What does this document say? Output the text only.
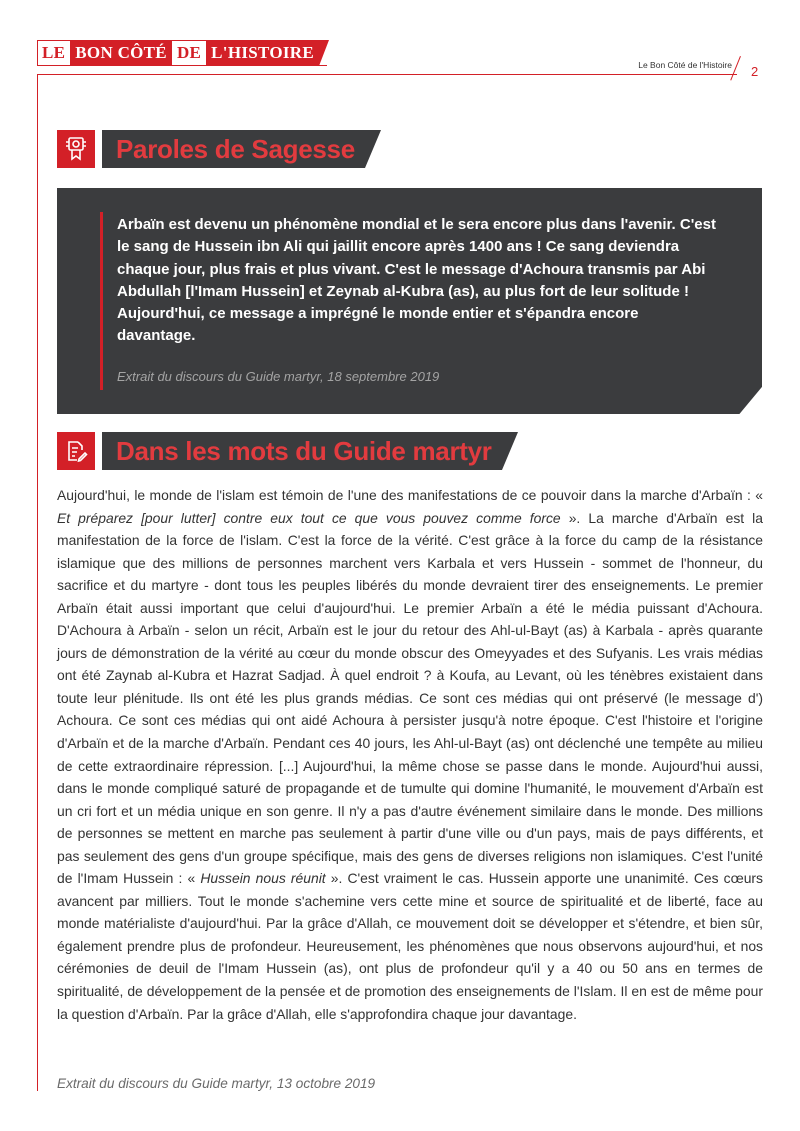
LE BON CÔTÉ DE L'HISTOIRE
Le Bon Côté de l'Histoire 2
Paroles de Sagesse

Arbaïn est devenu un phénomène mondial et le sera encore plus dans l'avenir. C'est le sang de Hussein ibn Ali qui jaillit encore après 1400 ans ! Ce sang deviendra chaque jour, plus frais et plus vivant. C'est le message d'Achoura transmis par Abi Abdullah [l'Imam Hussein] et Zeynab al-Kubra (as), au plus fort de leur solitude ! Aujourd'hui, ce message a imprégné le monde entier et s'épandra encore davantage.

Extrait du discours du Guide martyr, 18 septembre 2019

Dans les mots du Guide martyr

Aujourd'hui, le monde de l'islam est témoin de l'une des manifestations de ce pouvoir dans la marche d'Arbaïn : « Et préparez [pour lutter] contre eux tout ce que vous pouvez comme force ». La marche d'Arbaïn est la manifestation de la force de l'islam. C'est la force de la vérité. C'est grâce à la force du camp de la résistance islamique que des millions de personnes marchent vers Karbala et vers Hussein - sommet de l'honneur, du sacrifice et du martyre - dont tous les peuples libérés du monde devraient tirer des enseignements. Le premier Arbaïn était aussi important que celui d'aujourd'hui. Le premier Arbaïn a été le média puissant d'Achoura. D'Achoura à Arbaïn - selon un récit, Arbaïn est le jour du retour des Ahl-ul-Bayt (as) à Karbala - après quarante jours de démonstration de la vérité au cœur du monde obscur des Omeyyades et des Sufyanis. Les vrais médias ont été Zaynab al-Kubra et Hazrat Sadjad. À quel endroit ? à Koufa, au Levant, où les ténèbres existaient dans toute leur plénitude. Ils ont été les plus grands médias. Ce sont ces médias qui ont préservé (le message d') Achoura. Ce sont ces médias qui ont aidé Achoura à persister jusqu'à notre époque. C'est l'histoire et l'origine d'Arbaïn et de la marche d'Arbaïn. Pendant ces 40 jours, les Ahl-ul-Bayt (as) ont déclenché une tempête au milieu de cette extraordinaire répression. [...] Aujourd'hui, la même chose se passe dans le monde. Aujourd'hui aussi, dans le monde compliqué saturé de propagande et de tumulte qui domine l'humanité, le mouvement d'Arbaïn est un cri fort et un média unique en son genre. Il n'y a pas d'autre événement similaire dans le monde. Des millions de personnes se mettent en marche pas seulement à partir d'une ville ou d'un pays, mais de pays différents, et pas seulement des gens d'un groupe spécifique, mais des gens de diverses religions non islamiques. C'est l'unité de l'Imam Hussein : « Hussein nous réunit ». C'est vraiment le cas. Hussein apporte une unanimité. Ces cœurs avancent par milliers. Tout le monde s'achemine vers cette mine et source de spiritualité et de liberté, face au monde matérialiste d'aujourd'hui. Par la grâce d'Allah, ce mouvement doit se développer et s'étendre, et bien sûr, également prendre plus de profondeur. Heureusement, les phénomènes que nous observons aujourd'hui, et nos cérémonies de deuil de l'Imam Hussein (as), ont plus de profondeur qu'il y a 40 ou 50 ans en termes de spiritualité, de développement de la pensée et de promotion des enseignements de l'Islam. Il en est de même pour la question d'Arbaïn. Par la grâce d'Allah, elle s'approfondira chaque jour davantage.

Extrait du discours du Guide martyr, 13 octobre 2019
